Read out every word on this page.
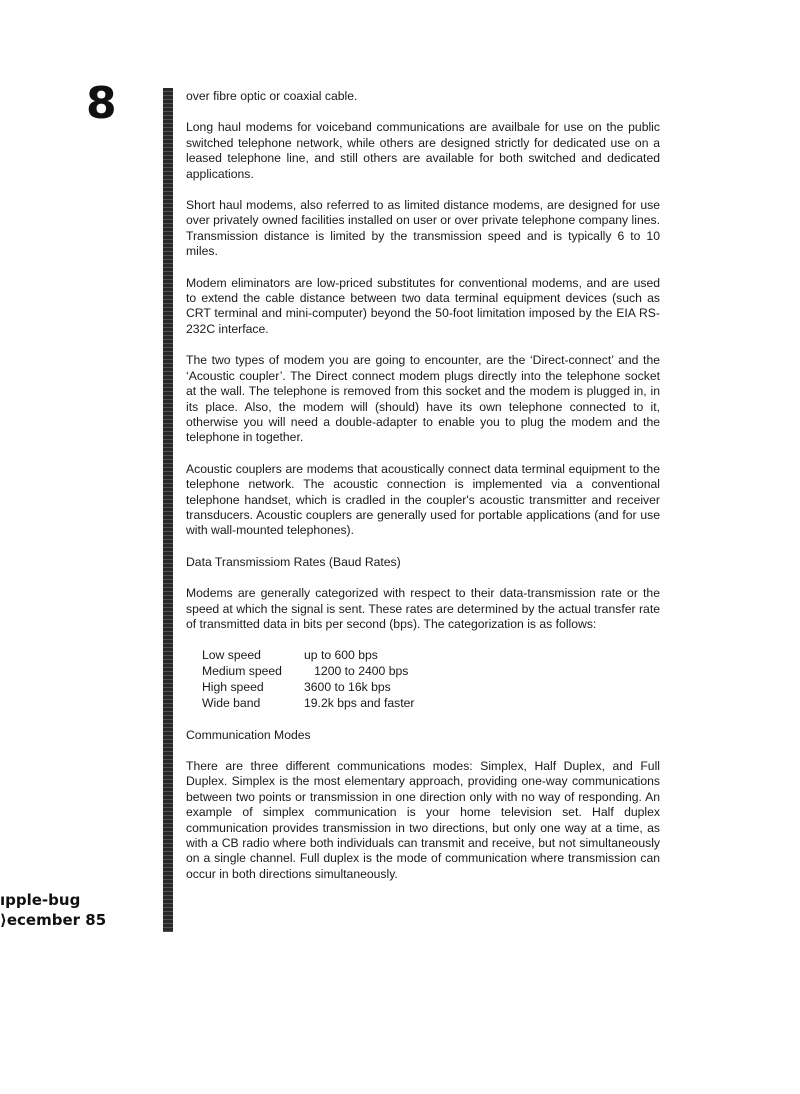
8
ıpple-bug
⟩ecember 85

over fibre optic or coaxial cable.

Long haul modems for voiceband communications are availbale for use on the public switched telephone network, while others are designed strictly for dedicated use on a leased telephone line, and still others are available for both switched and dedicated applications.

Short haul modems, also referred to as limited distance modems, are designed for use over privately owned facilities installed on user or over private telephone company lines. Transmission distance is limited by the transmission speed and is typically 6 to 10 miles.

Modem eliminators are low-priced substitutes for conventional modems, and are used to extend the cable distance between two data terminal equipment devices (such as CRT terminal and mini-computer) beyond the 50-foot limitation imposed by the EIA RS-232C interface.

The two types of modem you are going to encounter, are the ‘Direct-connect’ and the ‘Acoustic coupler’. The Direct connect modem plugs directly into the telephone socket at the wall. The telephone is removed from this socket and the modem is plugged in, in its place. Also, the modem will (should) have its own telephone connected to it, otherwise you will need a double-adapter to enable you to plug the modem and the telephone in together.

Acoustic couplers are modems that acoustically connect data terminal equipment to the telephone network. The acoustic connection is implemented via a conventional telephone handset, which is cradled in the coupler's acoustic transmitter and receiver transducers. Acoustic couplers are generally used for portable applications (and for use with wall-mounted telephones).

Data Transmissiom Rates (Baud Rates)

Modems are generally categorized with respect to their data-transmission rate or the speed at which the signal is sent. These rates are determined by the actual transfer rate of transmitted data in bits per second (bps). The categorization is as follows:

Low speed	up to 600 bps
Medium speed	1200 to 2400 bps
High speed	3600 to 16k bps
Wide band	19.2k bps and faster

Communication Modes

There are three different communications modes: Simplex, Half Duplex, and Full Duplex. Simplex is the most elementary approach, providing one-way communications between two points or transmission in one direction only with no way of responding. An example of simplex communication is your home television set. Half duplex communication provides transmission in two directions, but only one way at a time, as with a CB radio where both individuals can transmit and receive, but not simultaneously on a single channel. Full duplex is the mode of communication where transmission can occur in both directions simultaneously.
